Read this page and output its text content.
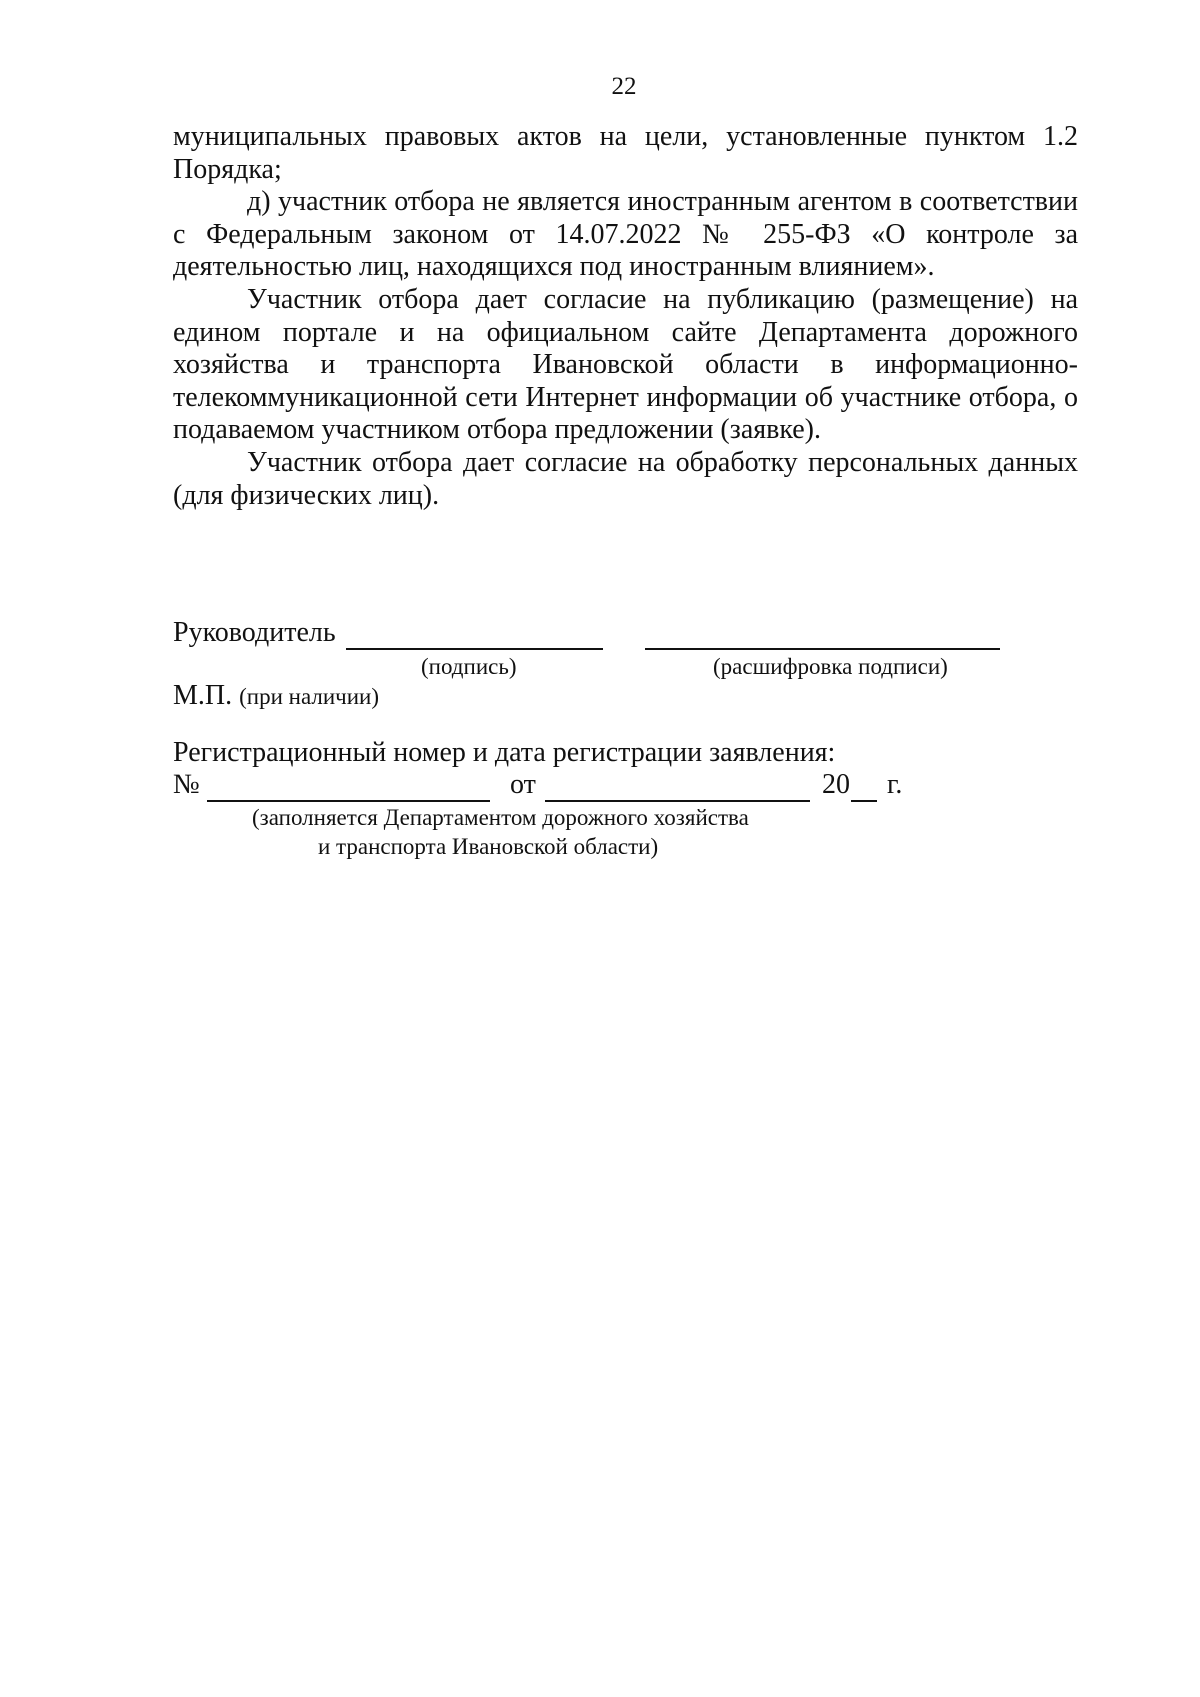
22

муниципальных правовых актов на цели, установленные пунктом 1.2 Порядка;

д) участник отбора не является иностранным агентом в соответствии с Федеральным законом от 14.07.2022 № 255-ФЗ «О контроле за деятельностью лиц, находящихся под иностранным влиянием».

Участник отбора дает согласие на публикацию (размещение) на едином портале и на официальном сайте Департамента дорожного хозяйства и транспорта Ивановской области в информационно-телекоммуникационной сети Интернет информации об участнике отбора, о подаваемом участником отбора предложении (заявке).

Участник отбора дает согласие на обработку персональных данных (для физических лиц).

Руководитель
(подпись)	(расшифровка подписи)
М.П. (при наличии)
Регистрационный номер и дата регистрации заявления:
№	от	20 г.
(заполняется Департаментом дорожного хозяйства
и транспорта Ивановской области)
